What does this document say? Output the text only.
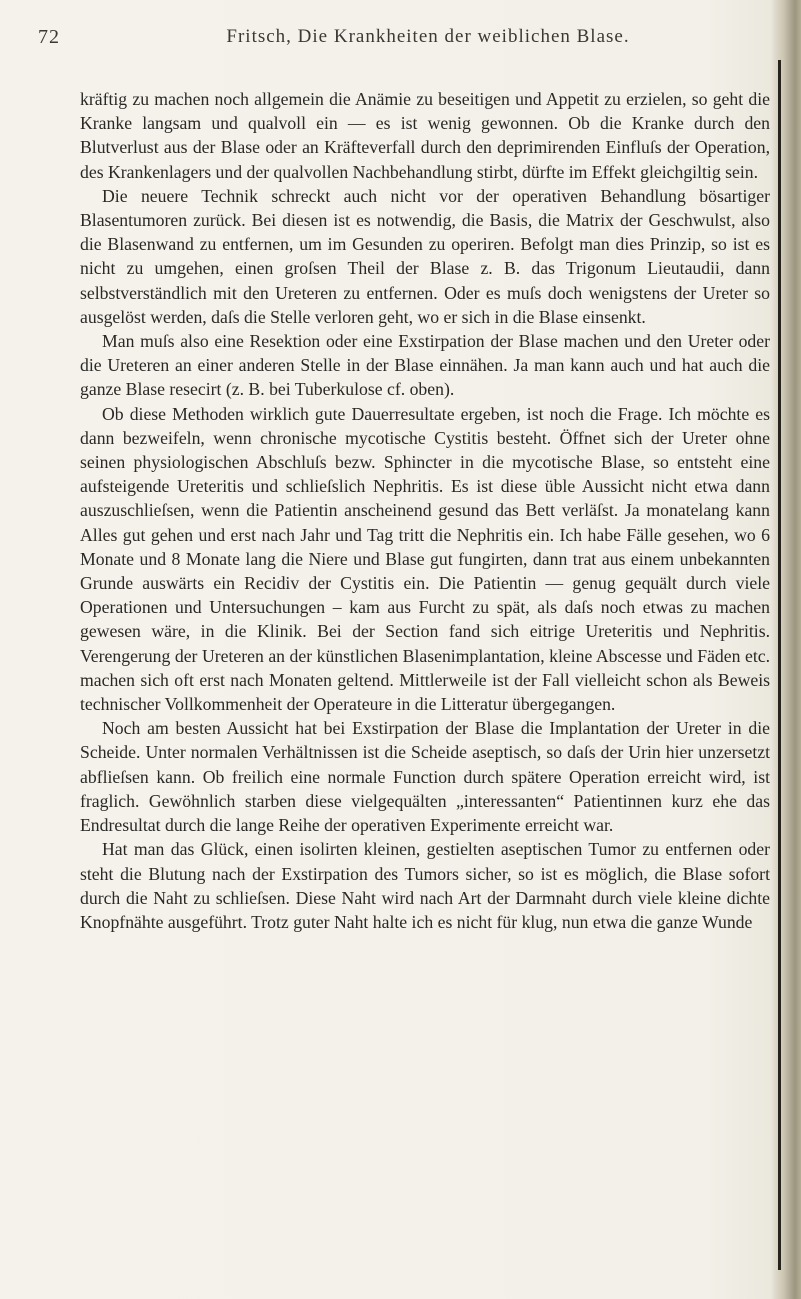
72	Fritsch, Die Krankheiten der weiblichen Blase.

kräftig zu machen noch allgemein die Anämie zu beseitigen und Appetit zu erzielen, so geht die Kranke langsam und qualvoll ein — es ist wenig gewonnen. Ob die Kranke durch den Blutverlust aus der Blase oder an Kräfteverfall durch den deprimirenden Einfluſs der Operation, des Krankenlagers und der qualvollen Nachbehandlung stirbt, dürfte im Effekt gleichgiltig sein.

Die neuere Technik schreckt auch nicht vor der operativen Behandlung bösartiger Blasentumoren zurück. Bei diesen ist es notwendig, die Basis, die Matrix der Geschwulst, also die Blasenwand zu entfernen, um im Gesunden zu operiren. Befolgt man dies Prinzip, so ist es nicht zu umgehen, einen groſsen Theil der Blase z. B. das Trigonum Lieutaudii, dann selbstverständlich mit den Ureteren zu entfernen. Oder es muſs doch wenigstens der Ureter so ausgelöst werden, daſs die Stelle verloren geht, wo er sich in die Blase einsenkt.

Man muſs also eine Resektion oder eine Exstirpation der Blase machen und den Ureter oder die Ureteren an einer anderen Stelle in der Blase einnähen. Ja man kann auch und hat auch die ganze Blase resecirt (z. B. bei Tuberkulose cf. oben).

Ob diese Methoden wirklich gute Dauerresultate ergeben, ist noch die Frage. Ich möchte es dann bezweifeln, wenn chronische mycotische Cystitis besteht. Öffnet sich der Ureter ohne seinen physiologischen Abschluſs bezw. Sphincter in die mycotische Blase, so entsteht eine aufsteigende Ureteritis und schlieſslich Nephritis. Es ist diese üble Aussicht nicht etwa dann auszuschlieſsen, wenn die Patientin anscheinend gesund das Bett verläſst. Ja monatelang kann Alles gut gehen und erst nach Jahr und Tag tritt die Nephritis ein. Ich habe Fälle gesehen, wo 6 Monate und 8 Monate lang die Niere und Blase gut fungirten, dann trat aus einem unbekannten Grunde auswärts ein Recidiv der Cystitis ein. Die Patientin — genug gequält durch viele Operationen und Untersuchungen – kam aus Furcht zu spät, als daſs noch etwas zu machen gewesen wäre, in die Klinik. Bei der Section fand sich eitrige Ureteritis und Nephritis. Verengerung der Ureteren an der künstlichen Blasenimplantation, kleine Abscesse und Fäden etc. machen sich oft erst nach Monaten geltend. Mittlerweile ist der Fall vielleicht schon als Beweis technischer Vollkommenheit der Operateure in die Litteratur übergegangen.

Noch am besten Aussicht hat bei Exstirpation der Blase die Implantation der Ureter in die Scheide. Unter normalen Verhältnissen ist die Scheide aseptisch, so daſs der Urin hier unzersetzt abflieſsen kann. Ob freilich eine normale Function durch spätere Operation erreicht wird, ist fraglich. Gewöhnlich starben diese vielgequälten „interessanten“ Patientinnen kurz ehe das Endresultat durch die lange Reihe der operativen Experimente erreicht war.

Hat man das Glück, einen isolirten kleinen, gestielten aseptischen Tumor zu entfernen oder steht die Blutung nach der Exstirpation des Tumors sicher, so ist es möglich, die Blase sofort durch die Naht zu schlieſsen. Diese Naht wird nach Art der Darmnaht durch viele kleine dichte Knopfnähte ausgeführt. Trotz guter Naht halte ich es nicht für klug, nun etwa die ganze Wunde
